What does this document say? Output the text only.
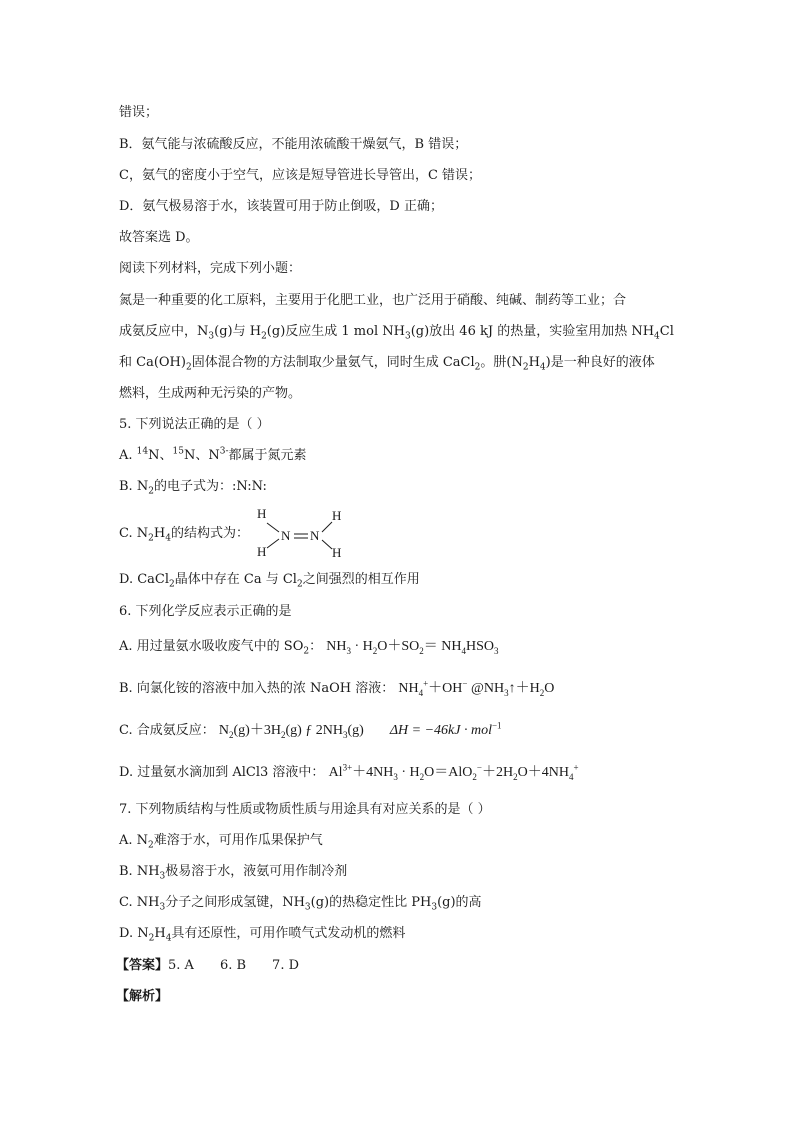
错误；
B．氨气能与浓硫酸反应，不能用浓硫酸干燥氨气，B 错误；
C，氨气的密度小于空气，应该是短导管进长导管出，C 错误；
D．氨气极易溶于水，该装置可用于防止倒吸，D 正确；
故答案选 D。
阅读下列材料，完成下列小题：
氮是一种重要的化工原料，主要用于化肥工业，也广泛用于硝酸、纯碱、制药等工业；合
成氨反应中，$N_3(g)$与 $H_2(g)$反应生成 1 mol $NH_3(g)$放出 46 kJ 的热量，实验室用加热 $NH_4Cl$
和 $Ca(OH)_2$固体混合物的方法制取少量氨气，同时生成 CaCl$_2$。肼$(N_2H_4)$是一种良好的液体
燃料，生成两种无污染的产物。
5. 下列说法正确的是（ ）
A. $^{14}$N、$^{15}$N、$N^{3-}$都属于氮元素
B. $N_2$的电子式为：:N:N:
C. $N_2H_4$的结构式为：
H
H
N N
H
H
D. CaCl$_2$晶体中存在 Ca 与 $Cl_2$之间强烈的相互作用
6. 下列化学反应表示正确的是
A. 用过量氨水吸收废气中的 $SO_2$： $NH_3 \cdot H_2O+SO_2= NH_4HSO_3$
B. 向氯化铵的溶液中加入热的浓 NaOH 溶液： $NH_4^++OH^-$ $@NH_3↑+H_2O$
C. 合成氨反应： $N_2(g)+3H_2(g)$ ƒ $2NH_3(g) \Delta H = -46kJ \cdot mol^{-1}$
D. 过量氨水滴加到 AlCl3 溶液中： $Al^{3+}+4NH_3 \cdot H_2O=AlO_2^-+2H_2O+4NH_4^+$
7. 下列物质结构与性质或物质性质与用途具有对应关系的是（ ）
A. $N_2$难溶于水，可用作瓜果保护气
B. $NH_3$极易溶于水，液氨可用作制冷剂
C. $NH_3$分子之间形成氢键，$NH_3(g)$的热稳定性比 $PH_3(g)$的高
D. $N_2H_4$具有还原性，可用作喷气式发动机的燃料
【答案】5. A 6. B 7. D
【解析】
